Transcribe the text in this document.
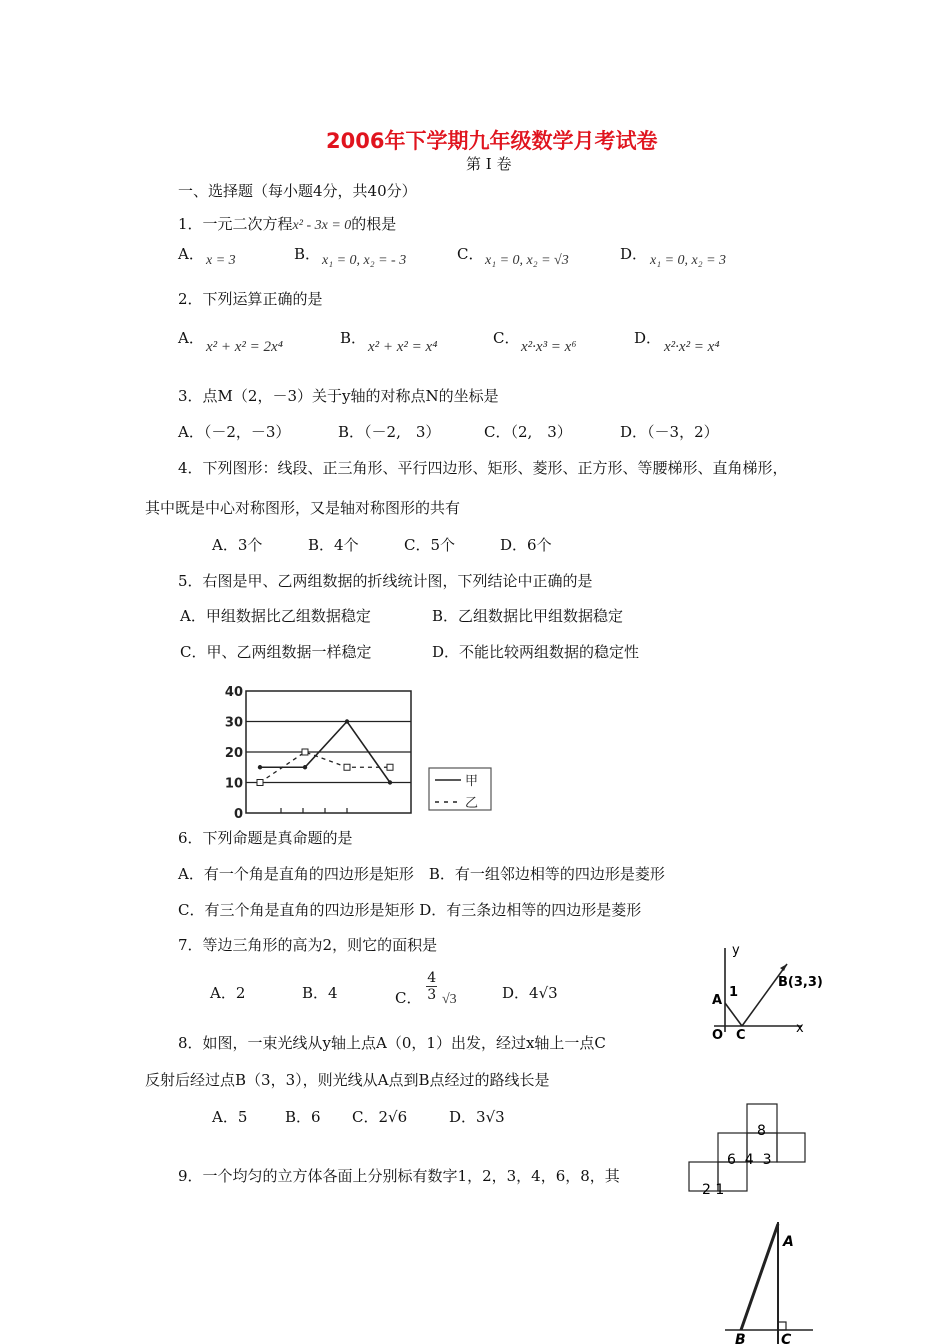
2006年下学期九年级数学月考试卷
第 Ⅰ 卷
一、选择题（每小题4分，共40分）
1．一元二次方程x² - 3x = 0的根是
A． x = 3	B． x₁ = 0, x₂ = - 3	C． x₁ = 0, x₂ = √3	D． x₁ = 0, x₂ = 3
2．下列运算正确的是
A． x² + x² = 2x⁴	B． x² + x² = x⁴	C． x²·x³ = x⁶	D． x²·x² = x⁴
3．点M（2，－3）关于y轴的对称点N的坐标是
A．（－2，－3）	B．（－2,　3）	C．（2,　3）	D．（－3，2）
4．下列图形：线段、正三角形、平行四边形、矩形、菱形、正方形、等腰梯形、直角梯形，
其中既是中心对称图形，又是轴对称图形的共有
A．3个	B．4个	C．5个	D．6个
5．右图是甲、乙两组数据的折线统计图，下列结论中正确的是
A．甲组数据比乙组数据稳定	B．乙组数据比甲组数据稳定
C．甲、乙两组数据一样稳定	D．不能比较两组数据的稳定性
0
10
20
30
40
甲
乙
6．下列命题是真命题的是
A．有一个角是直角的四边形是矩形　B．有一组邻边相等的四边形是菱形
C．有三个角是直角的四边形是矩形 D．有三条边相等的四边形是菱形
7．等边三角形的高为2，则它的面积是
A．2	B．4	C． $\frac{4}{3} √3$	D．4√3
8．如图，一束光线从y轴上点A（0，1）出发，经过x轴上一点C
反射后经过点B（3，3），则光线从A点到B点经过的路线长是
A．5	B．6 C．2√6	D．3√3
9．一个均匀的立方体各面上分别标有数字1，2，3，4，6，8，其
y
x
B(3,3)
A
1
O C
8
6  4  3
2 1
A
B	C
